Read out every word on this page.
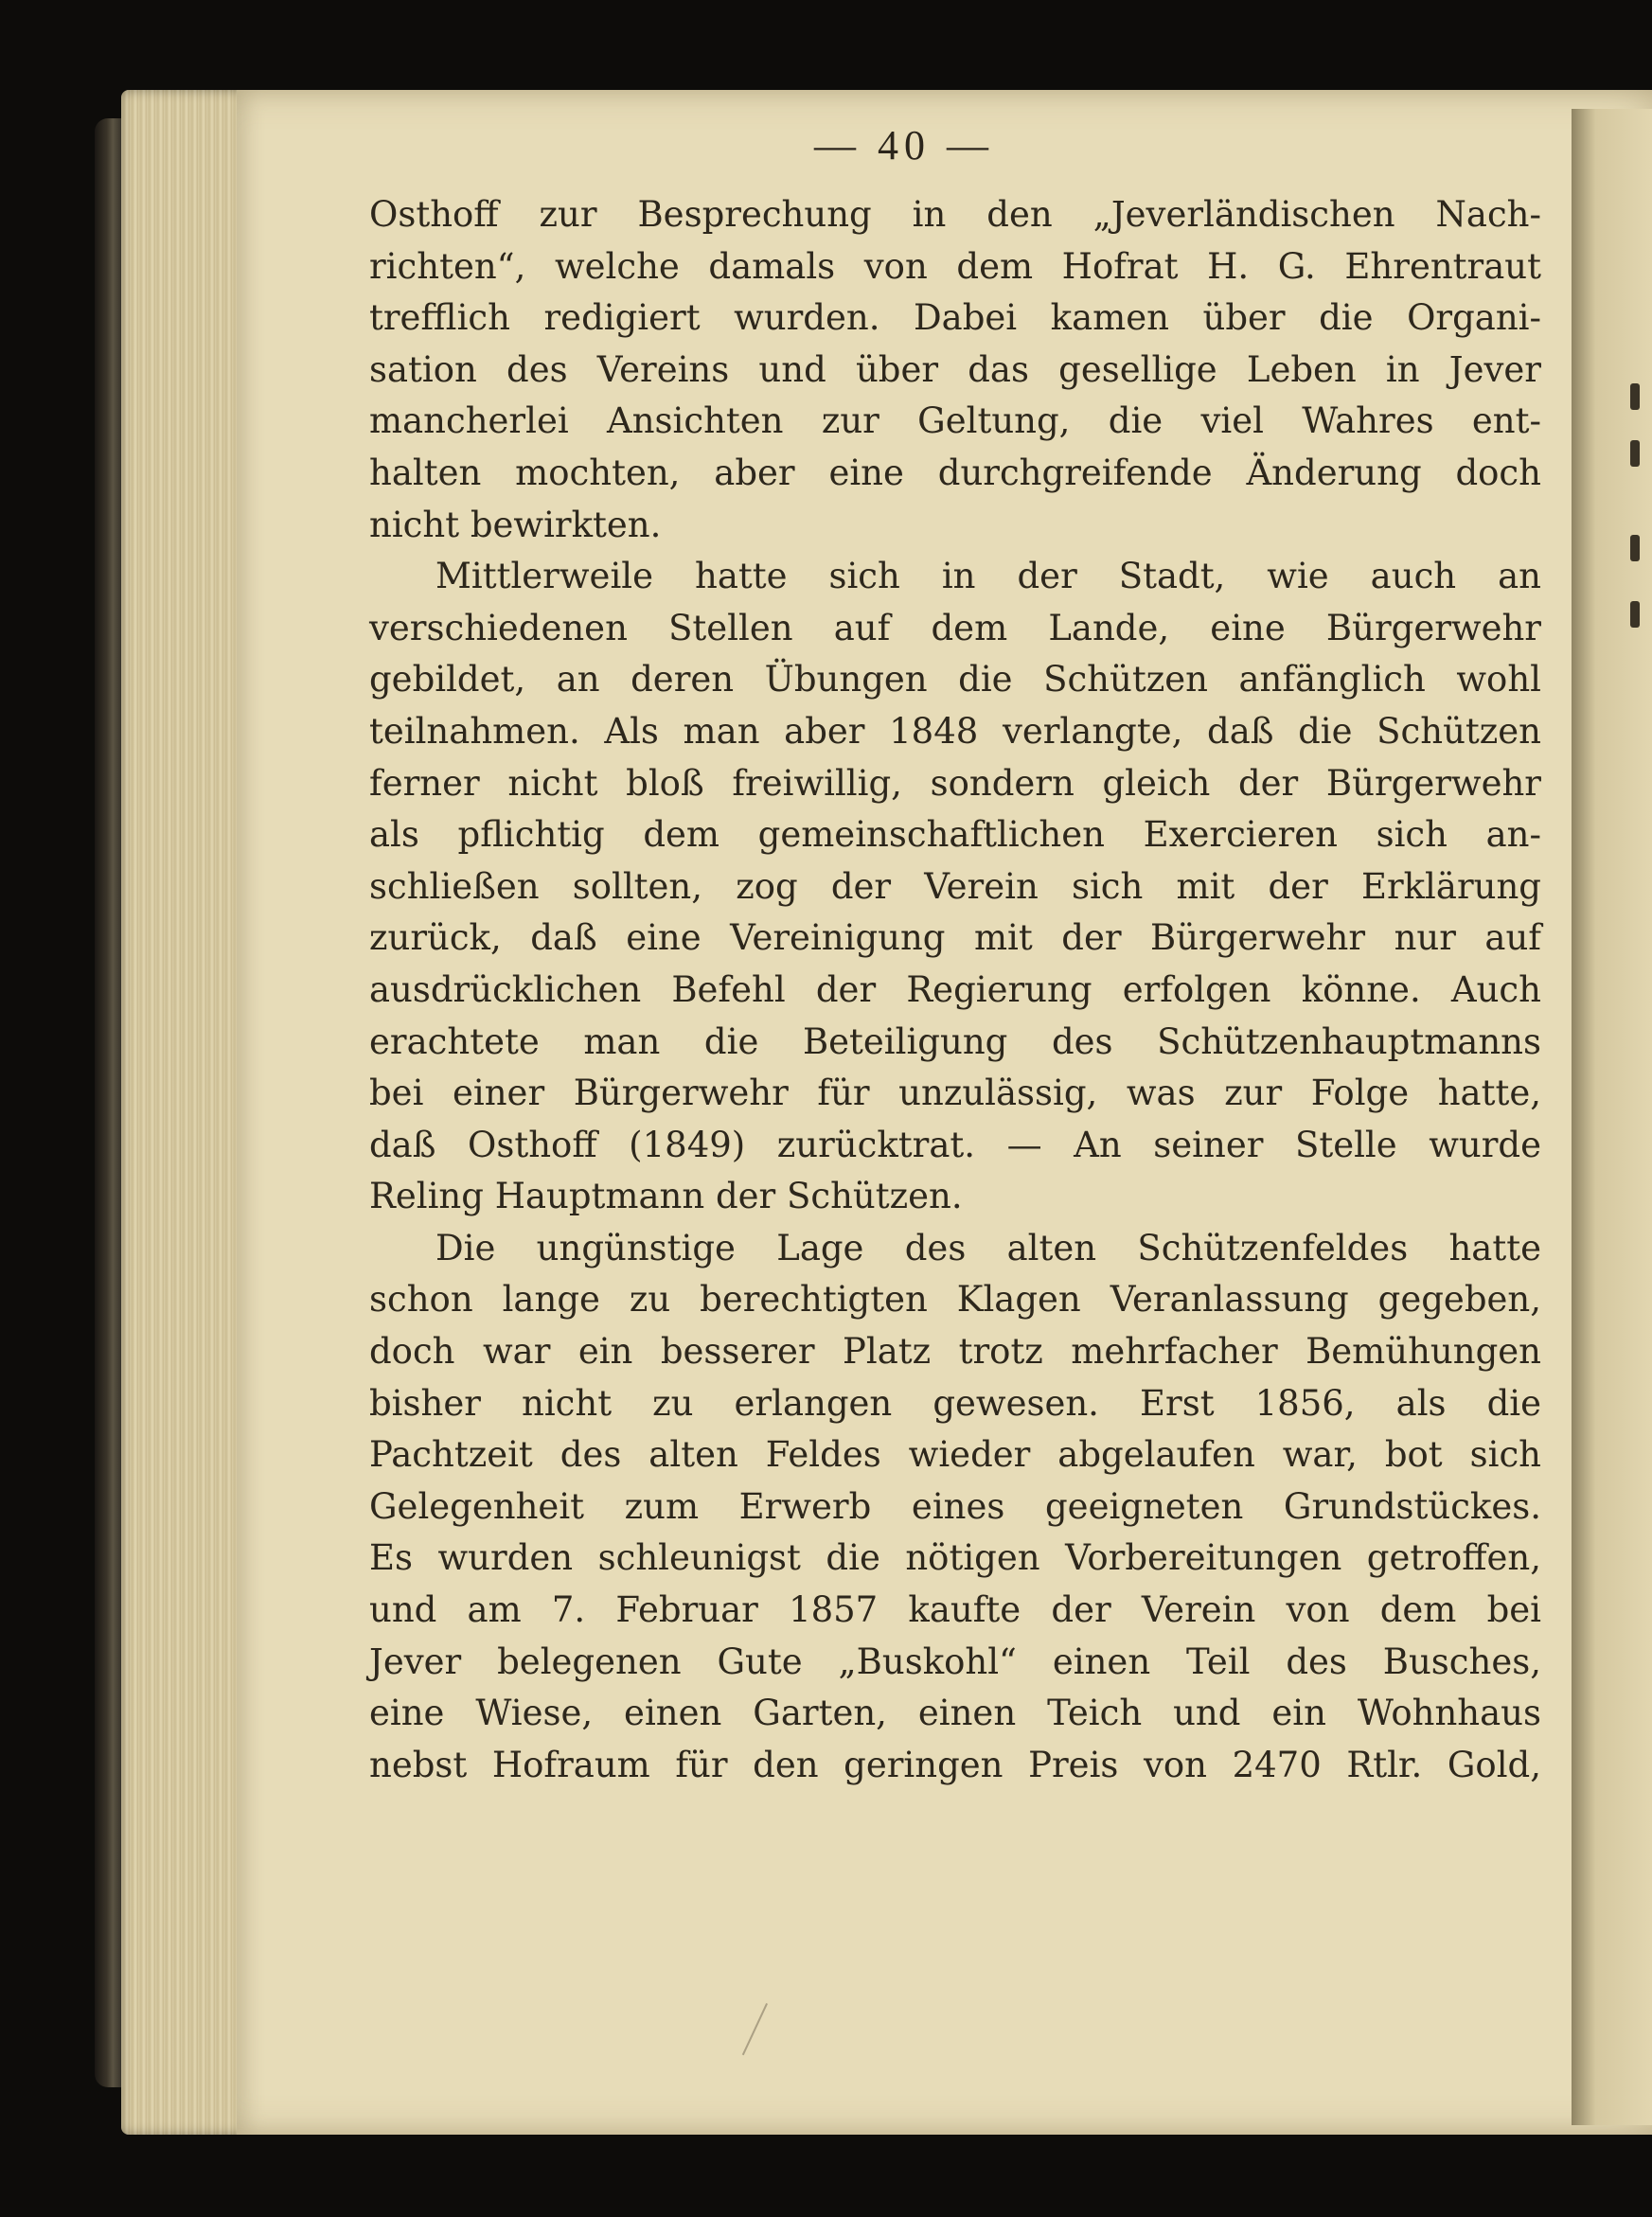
— 40 —
Osthoff zur Besprechung in den „Jeverländischen Nach-
richten“, welche damals von dem Hofrat H. G. Ehrentraut
trefflich redigiert wurden. Dabei kamen über die Organi-
sation des Vereins und über das gesellige Leben in Jever
mancherlei Ansichten zur Geltung, die viel Wahres ent-
halten mochten, aber eine durchgreifende Änderung doch
nicht bewirkten.
Mittlerweile hatte sich in der Stadt, wie auch an
verschiedenen Stellen auf dem Lande, eine Bürgerwehr
gebildet, an deren Übungen die Schützen anfänglich wohl
teilnahmen. Als man aber 1848 verlangte, daß die Schützen
ferner nicht bloß freiwillig, sondern gleich der Bürgerwehr
als pflichtig dem gemeinschaftlichen Exercieren sich an-
schließen sollten, zog der Verein sich mit der Erklärung
zurück, daß eine Vereinigung mit der Bürgerwehr nur auf
ausdrücklichen Befehl der Regierung erfolgen könne. Auch
erachtete man die Beteiligung des Schützenhauptmanns
bei einer Bürgerwehr für unzulässig, was zur Folge hatte,
daß Osthoff (1849) zurücktrat. — An seiner Stelle wurde
Reling Hauptmann der Schützen.
Die ungünstige Lage des alten Schützenfeldes hatte
schon lange zu berechtigten Klagen Veranlassung gegeben,
doch war ein besserer Platz trotz mehrfacher Bemühungen
bisher nicht zu erlangen gewesen. Erst 1856, als die
Pachtzeit des alten Feldes wieder abgelaufen war, bot sich
Gelegenheit zum Erwerb eines geeigneten Grundstückes.
Es wurden schleunigst die nötigen Vorbereitungen getroffen,
und am 7. Februar 1857 kaufte der Verein von dem bei
Jever belegenen Gute „Buskohl“ einen Teil des Busches,
eine Wiese, einen Garten, einen Teich und ein Wohnhaus
nebst Hofraum für den geringen Preis von 2470 Rtlr. Gold,
